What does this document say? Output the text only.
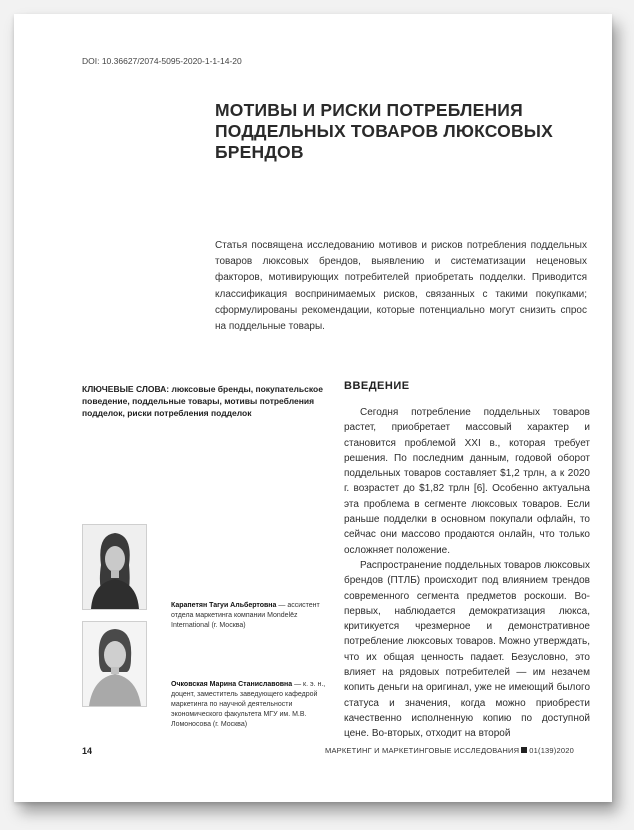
DOI: 10.36627/2074-5095-2020-1-1-14-20
МОТИВЫ И РИСКИ ПОТРЕБЛЕНИЯ ПОДДЕЛЬНЫХ ТОВАРОВ ЛЮКСОВЫХ БРЕНДОВ
Статья посвящена исследованию мотивов и рисков потребления поддельных товаров люксовых брендов, выявлению и систематизации неценовых факторов, мотивирующих потребителей приобретать подделки. Приводится классификация воспринимаемых рисков, связанных с такими покупками; сформулированы рекомендации, которые потенциально могут снизить спрос на поддельные товары.
КЛЮЧЕВЫЕ СЛОВА: люксовые бренды, покупательское поведение, поддельные товары, мотивы потребления подделок, риски потребления подделок
Карапетян Тагуи Альбертовна — ассистент отдела маркетинга компании Mondelēz International (г. Москва)
Очковская Марина Станиславовна — к. э. н., доцент, заместитель заведующего кафедрой маркетинга по научной деятельности экономического факультета МГУ им. М.В. Ломоносова (г. Москва)
ВВЕДЕНИЕ

Сегодня потребление поддельных товаров растет, приобретает массовый характер и становится проблемой XXI в., которая требует решения. По последним данным, годовой оборот поддельных товаров составляет $1,2 трлн, а к 2020 г. возрастет до $1,82 трлн [6]. Особенно актуальна эта проблема в сегменте люксовых товаров. Если раньше подделки в основном покупали офлайн, то сейчас они массово продаются онлайн, что только осложняет положение.

Распространение поддельных товаров люксовых брендов (ПТЛБ) происходит под влиянием трендов современного сегмента предметов роскоши. Во-первых, наблюдается демократизация люкса, критикуется чрезмерное и демонстративное потребление люксовых товаров. Можно утверждать, что их общая ценность падает. Безусловно, это влияет на рядовых потребителей — им незачем копить деньги на оригинал, уже не имеющий былого статуса и значения, когда можно приобрести качественно исполненную копию по доступной цене. Во-вторых, отходит на второй

14	МАРКЕТИНГ И МАРКЕТИНГОВЫЕ ИССЛЕДОВАНИЯ 01(139)2020
